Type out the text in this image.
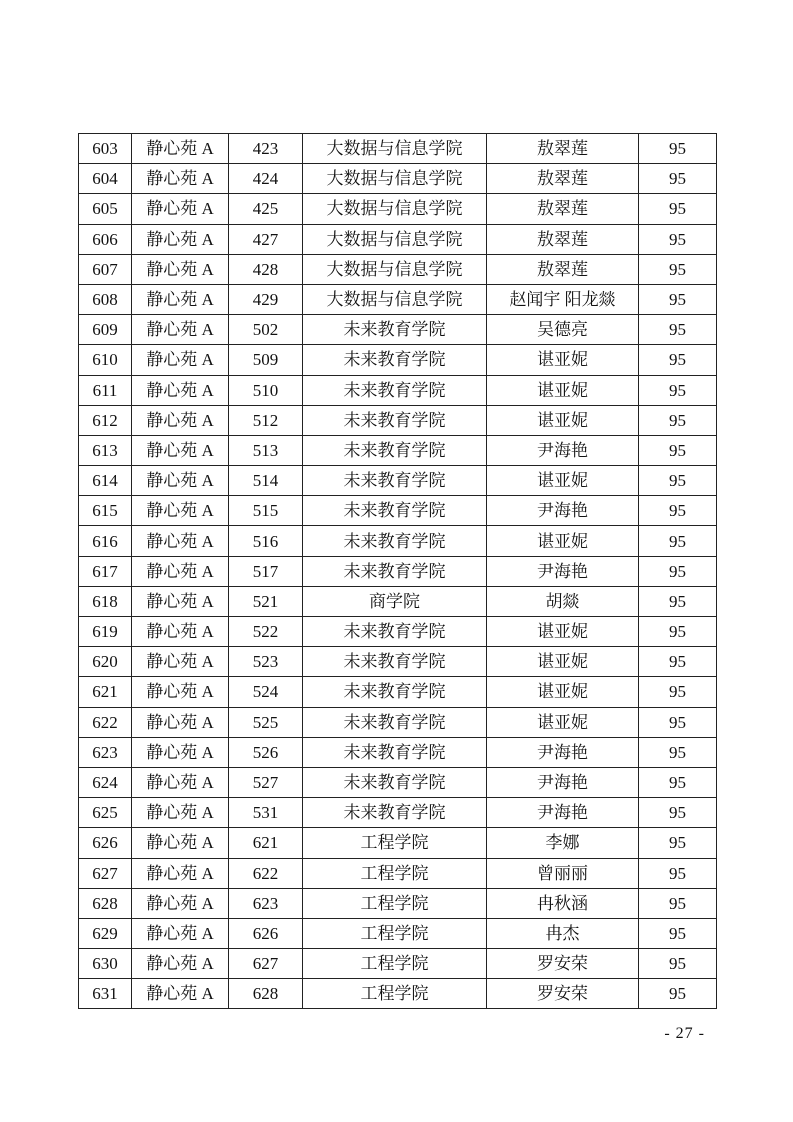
603	静心苑 A	423	大数据与信息学院	敖翠莲	95
604	静心苑 A	424	大数据与信息学院	敖翠莲	95
605	静心苑 A	425	大数据与信息学院	敖翠莲	95
606	静心苑 A	427	大数据与信息学院	敖翠莲	95
607	静心苑 A	428	大数据与信息学院	敖翠莲	95
608	静心苑 A	429	大数据与信息学院	赵闻宇 阳龙燚	95
609	静心苑 A	502	未来教育学院	吴德亮	95
610	静心苑 A	509	未来教育学院	谌亚妮	95
611	静心苑 A	510	未来教育学院	谌亚妮	95
612	静心苑 A	512	未来教育学院	谌亚妮	95
613	静心苑 A	513	未来教育学院	尹海艳	95
614	静心苑 A	514	未来教育学院	谌亚妮	95
615	静心苑 A	515	未来教育学院	尹海艳	95
616	静心苑 A	516	未来教育学院	谌亚妮	95
617	静心苑 A	517	未来教育学院	尹海艳	95
618	静心苑 A	521	商学院	胡燚	95
619	静心苑 A	522	未来教育学院	谌亚妮	95
620	静心苑 A	523	未来教育学院	谌亚妮	95
621	静心苑 A	524	未来教育学院	谌亚妮	95
622	静心苑 A	525	未来教育学院	谌亚妮	95
623	静心苑 A	526	未来教育学院	尹海艳	95
624	静心苑 A	527	未来教育学院	尹海艳	95
625	静心苑 A	531	未来教育学院	尹海艳	95
626	静心苑 A	621	工程学院	李娜	95
627	静心苑 A	622	工程学院	曾丽丽	95
628	静心苑 A	623	工程学院	冉秋涵	95
629	静心苑 A	626	工程学院	冉杰	95
630	静心苑 A	627	工程学院	罗安荣	95
631	静心苑 A	628	工程学院	罗安荣	95
- 27 -
